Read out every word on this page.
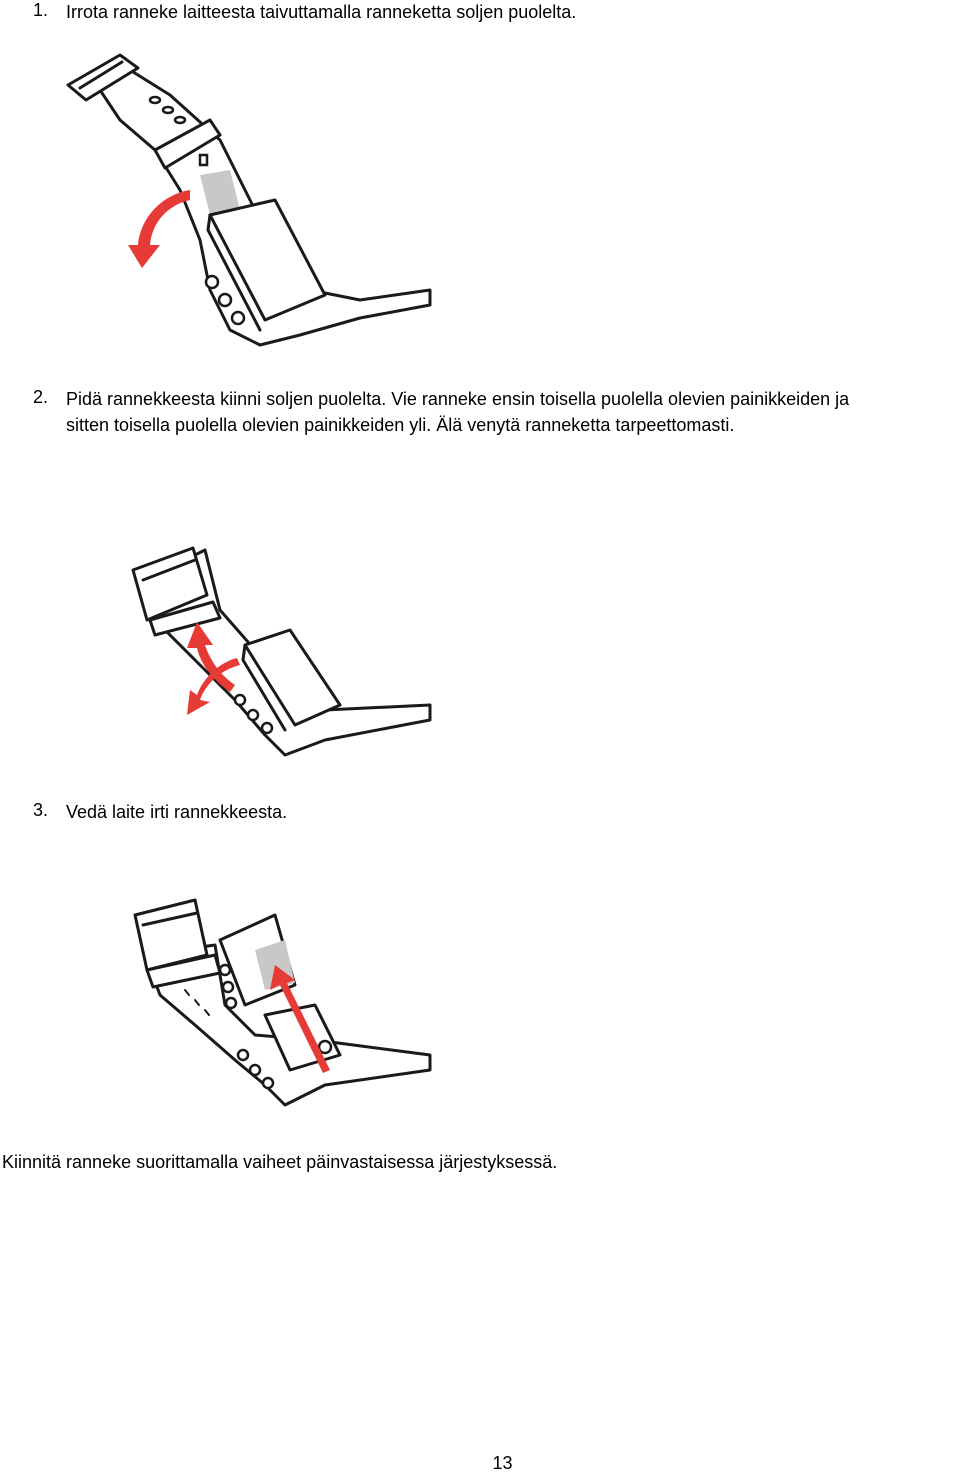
1. Irrota ranneke laitteesta taivuttamalla ranneketta soljen puolelta.
2. Pidä rannekkeesta kiinni soljen puolelta. Vie ranneke ensin toisella puolella olevien painikkeiden ja
sitten toisella puolella olevien painikkeiden yli. Älä venytä ranneketta tarpeettomasti.
3. Vedä laite irti rannekkeesta.
Kiinnitä ranneke suorittamalla vaiheet päinvastaisessa järjestyksessä.
13
